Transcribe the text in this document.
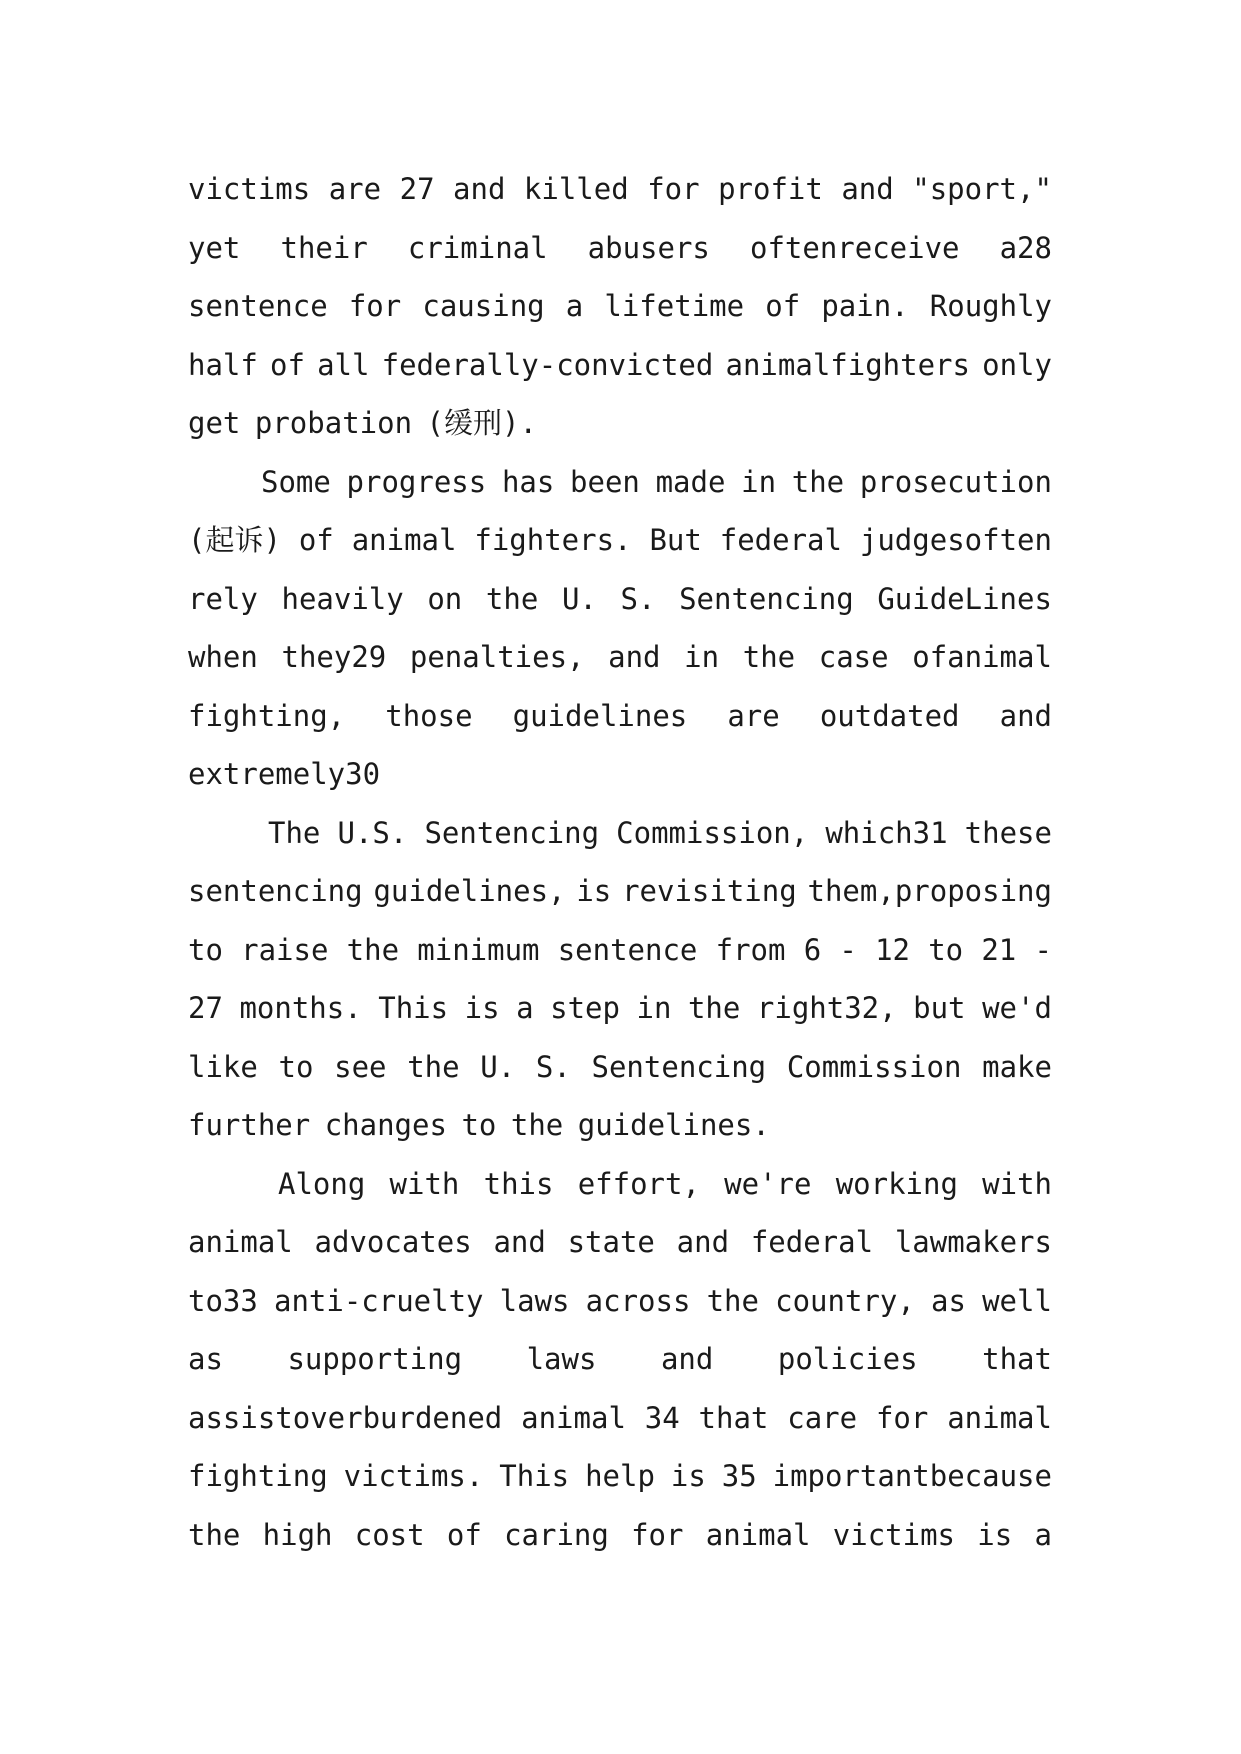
victims are 27 and killed for profit and "sport,"
yet their criminal abusers oftenreceive a28
sentence for causing a lifetime of pain. Roughly
half of all federally-convicted animalfighters only
get probation (缓刑).
Some progress has been made in the prosecution
(起诉) of animal fighters. But federal judgesoften
rely heavily on the U. S. Sentencing GuideLines
when they29 penalties, and in the case ofanimal
fighting, those guidelines are outdated and
extremely30
The U.S. Sentencing Commission, which31 these
sentencing guidelines, is revisiting them,proposing
to raise the minimum sentence from 6 - 12 to 21 -
27 months. This is a step in the right32, but we'd
like to see the U. S. Sentencing Commission make
further changes to the guidelines.
Along with this effort, we're working with
animal advocates and state and federal lawmakers
to33 anti-cruelty laws across the country, as well
as supporting laws and policies that
assistoverburdened animal 34 that care for animal
fighting victims. This help is 35 importantbecause
the high cost of caring for animal victims is a
